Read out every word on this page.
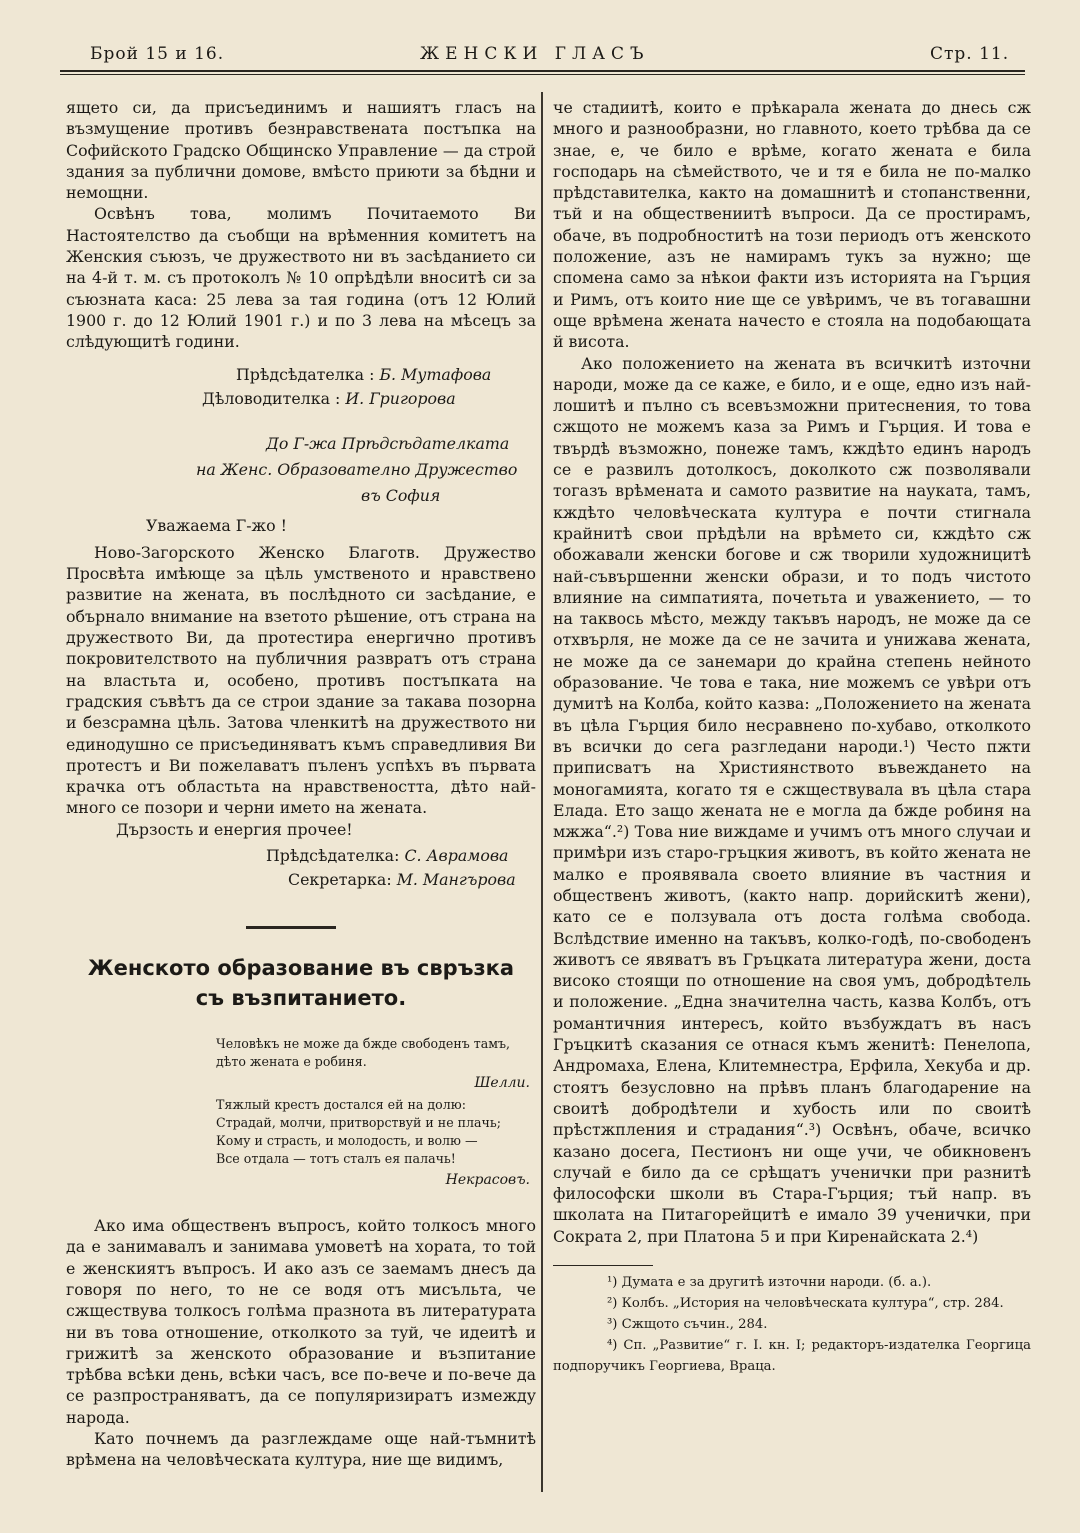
Брой 15 и 16.	ЖЕНСКИ ГЛАСЪ	Стр. 11.

ящето си, да присъединимъ и нашиятъ гласъ на възмущение противъ безнравствената постъпка на Софийското Градско Общинско Управление — да строй здания за публични домове, вмѣсто приюти за бѣдни и немощни.

Освѣнъ това, молимъ Почитаемото Ви Настоятелство да съобщи на врѣменния комитетъ на Женския съюзъ, че дружеството ни въ засѣданието си на 4-й т. м. съ протоколъ № 10 опрѣдѣли вноситѣ си за съюзната каса: 25 лева за тая година (отъ 12 Юлий 1900 г. до 12 Юлий 1901 г.) и по 3 лева на мѣсецъ за слѣдующитѣ години.

Прѣдсѣдателка : Б. Мутафова

Дѣловодителка : И. Григорова

До Г-жа Прѣдсѣдателката

на Женс. Образователно Дружество

въ София

Уважаема Г-жо !

Ново-Загорското Женско Благотв. Дружество Просвѣта имѣюще за цѣль умственото и нравствено развитие на жената, въ послѣдното си засѣдание, е обърнало внимание на взетото рѣшение, отъ страна на дружеството Ви, да протестира енергично противъ покровителството на публичния развратъ отъ страна на властьта и, особено, противъ постъпката на градския съвѣтъ да се строи здание за такава позорна и безсрамна цѣль. Затова членкитѣ на дружеството ни единодушно се присъединяватъ къмъ справедливия Ви протестъ и Ви пожелаватъ пъленъ успѣхъ въ първата крачка отъ областьта на нравствеността, дѣто най-много се позори и черни името на жената.

Дързость и енергия прочее!

Прѣдсѣдателка: С. Аврамова

Секретарка: М. Мангърова

Женското образование въ свръзка

съ възпитанието.

Человѣкъ не може да бжде свободенъ тамъ, дѣто жената е робиня.

Шелли.

Тяжлый крестъ достался ей на долю:

Страдай, молчи, притворствуй и не плачь;

Кому и страсть, и молодость, и волю —

Все отдала — тотъ сталъ ея палачь!

Некрасовъ.

Ако има общественъ въпросъ, който толкосъ много да е занимавалъ и занимава умоветѣ на хората, то той е женскиятъ въпросъ. И ако азъ се заемамъ днесъ да говоря по него, то не се водя отъ мисъльта, че сжществува толкосъ голѣма празнота въ литературата ни въ това отношение, отколкото за туй, че идеитѣ и грижитѣ за женското образование и възпитание трѣбва всѣки день, всѣки часъ, все по-вече и по-вече да се разпространяватъ, да се популяризиратъ измежду народа.

Като почнемъ да разглеждаме още най-тъмнитѣ врѣмена на человѣческата култура, ние ще видимъ,

че стадиитѣ, които е прѣкарала жената до днесь сж много и разнообразни, но главното, което трѣбва да се знае, е, че било е врѣме, когато жената е била господарь на сѣмейството, че и тя е била не по-малко прѣдставителка, както на домашнитѣ и стопанственни, тъй и на обществениитѣ въпроси. Да се простирамъ, обаче, въ подробноститѣ на този периодъ отъ женското положение, азъ не намирамъ тукъ за нужно; ще спомена само за нѣкои факти изъ историята на Гърция и Римъ, отъ които ние ще се увѣримъ, че въ тогавашни още врѣмена жената начесто е стояла на подобающата й висота.

Ако положението на жената въ всичкитѣ източни народи, може да се каже, е било, и е още, едно изъ най-лошитѣ и пълно съ всевъзможни притеснения, то това сжщото не можемъ каза за Римъ и Гърция. И това е твърдѣ възможно, понеже тамъ, кждѣто единъ народъ се е развилъ дотолкосъ, доколкото сж позволявали тогазъ врѣмената и самото развитие на науката, тамъ, кждѣто человѣческата култура е почти стигнала крайнитѣ свои прѣдѣли на врѣмето си, кждѣто сж обожавали женски богове и сж творили художницитѣ най-съвършенни женски образи, и то подъ чистото влияние на симпатията, почетьта и уважението, — то на таквось мѣсто, между такъвъ народъ, не може да се отхвърля, не може да се не зачита и унижава жената, не може да се занемари до крайна степень нейното образование. Че това е така, ние можемъ се увѣри отъ думитѣ на Колба, който казва: „Положението на жената въ цѣла Гърция било несравнено по-хубаво, отколкото въ всички до сега разгледани народи.¹) Често пжти приписватъ на Християнството въвеждането на моногамията, когато тя е сжществувала въ цѣла стара Елада. Ето защо жената не е могла да бжде робиня на мжжа“.²) Това ние виждаме и учимъ отъ много случаи и примѣри изъ старо-гръцкия животъ, въ който жената не малко е проявявала своето влияние въ частния и общественъ животъ, (както напр. дорийскитѣ жени), като се е ползувала отъ доста голѣма свобода. Вслѣдствие именно на такъвъ, колко-годѣ, по-свободенъ животъ се явяватъ въ Гръцката литература жени, доста високо стоящи по отношение на своя умъ, добродѣтель и положение. „Една значителна часть, казва Колбъ, отъ романтичния интересъ, който възбуждатъ въ насъ Гръцкитѣ сказания се отнася къмъ женитѣ: Пенелопа, Андромаха, Елена, Клитемнестра, Ерфила, Хекуба и др. стоятъ безусловно на прѣвъ планъ благодарение на своитѣ добродѣтели и хубость или по своитѣ прѣстжпления и страдания“.³) Освѣнъ, обаче, всичко казано досега, Пестионъ ни още учи, че обикновенъ случай е било да се срѣщатъ ученички при разнитѣ философски школи въ Стара-Гърция; тъй напр. въ школата на Питагорейцитѣ е имало 39 ученички, при Сократа 2, при Платона 5 и при Киренайската 2.⁴)

¹) Думата е за другитѣ източни народи. (б. а.).

²) Колбъ. „История на человѣческата култура“, стр. 284.

³) Сжщото съчин., 284.

⁴) Сп. „Развитие“ г. I. кн. I; редакторъ-издателка Георгица подпоручикъ Георгиева, Враца.
